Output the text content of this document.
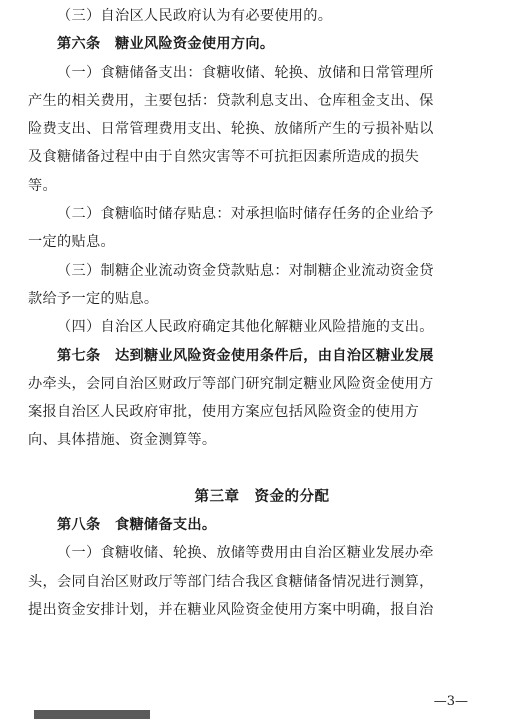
（三）自治区人民政府认为有必要使用的。
第六条　糖业风险资金使用方向。
（一）食糖储备支出：食糖收储、轮换、放储和日常管理所
产生的相关费用，主要包括：贷款利息支出、仓库租金支出、保
险费支出、日常管理费用支出、轮换、放储所产生的亏损补贴以
及食糖储备过程中由于自然灾害等不可抗拒因素所造成的损失
等。
（二）食糖临时储存贴息：对承担临时储存任务的企业给予
一定的贴息。
（三）制糖企业流动资金贷款贴息：对制糖企业流动资金贷
款给予一定的贴息。
（四）自治区人民政府确定其他化解糖业风险措施的支出。
第七条　达到糖业风险资金使用条件后，由自治区糖业发展
办牵头，会同自治区财政厅等部门研究制定糖业风险资金使用方
案报自治区人民政府审批，使用方案应包括风险资金的使用方
向、具体措施、资金测算等。
第三章　资金的分配
第八条　食糖储备支出。
（一）食糖收储、轮换、放储等费用由自治区糖业发展办牵
头，会同自治区财政厅等部门结合我区食糖储备情况进行测算，
提出资金安排计划，并在糖业风险资金使用方案中明确，报自治
—3—
